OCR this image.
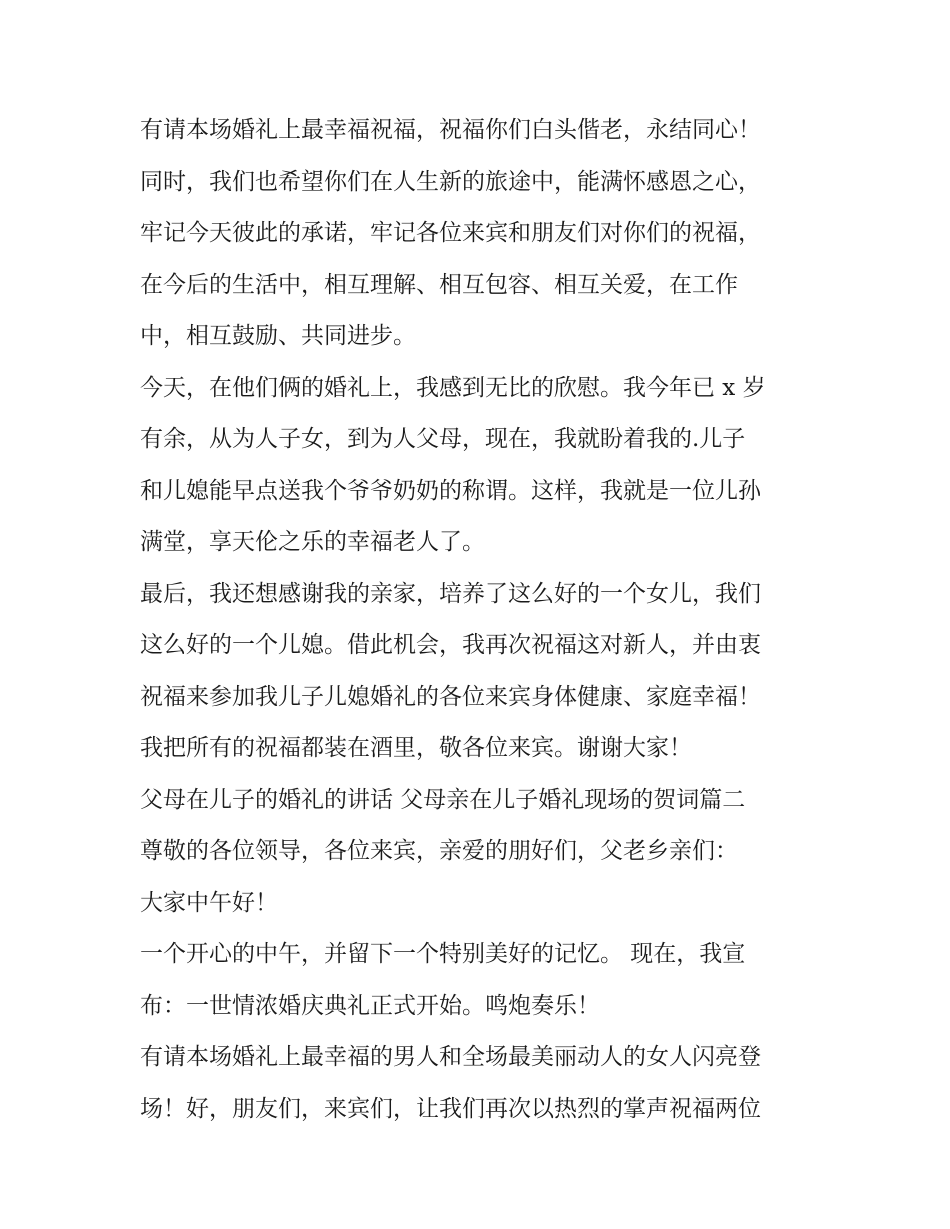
有请本场婚礼上最幸福祝福，祝福你们白头偕老，永结同心！
同时，我们也希望你们在人生新的旅途中，能满怀感恩之心，
牢记今天彼此的承诺，牢记各位来宾和朋友们对你们的祝福，
在今后的生活中，相互理解、相互包容、相互关爱，在工作
中，相互鼓励、共同进步。
今天，在他们俩的婚礼上，我感到无比的欣慰。我今年已 x 岁
有余，从为人子女，到为人父母，现在，我就盼着我的.儿子
和儿媳能早点送我个爷爷奶奶的称谓。这样，我就是一位儿孙
满堂，享天伦之乐的幸福老人了。
最后，我还想感谢我的亲家，培养了这么好的一个女儿，我们
这么好的一个儿媳。借此机会，我再次祝福这对新人，并由衷
祝福来参加我儿子儿媳婚礼的各位来宾身体健康、家庭幸福！
我把所有的祝福都装在酒里，敬各位来宾。谢谢大家！
父母在儿子的婚礼的讲话 父母亲在儿子婚礼现场的贺词篇二
尊敬的各位领导，各位来宾，亲爱的朋好们，父老乡亲们：
大家中午好！
一个开心的中午，并留下一个特别美好的记忆。 现在，我宣
布：一世情浓婚庆典礼正式开始。鸣炮奏乐！
有请本场婚礼上最幸福的男人和全场最美丽动人的女人闪亮登
场！好，朋友们，来宾们，让我们再次以热烈的掌声祝福两位
